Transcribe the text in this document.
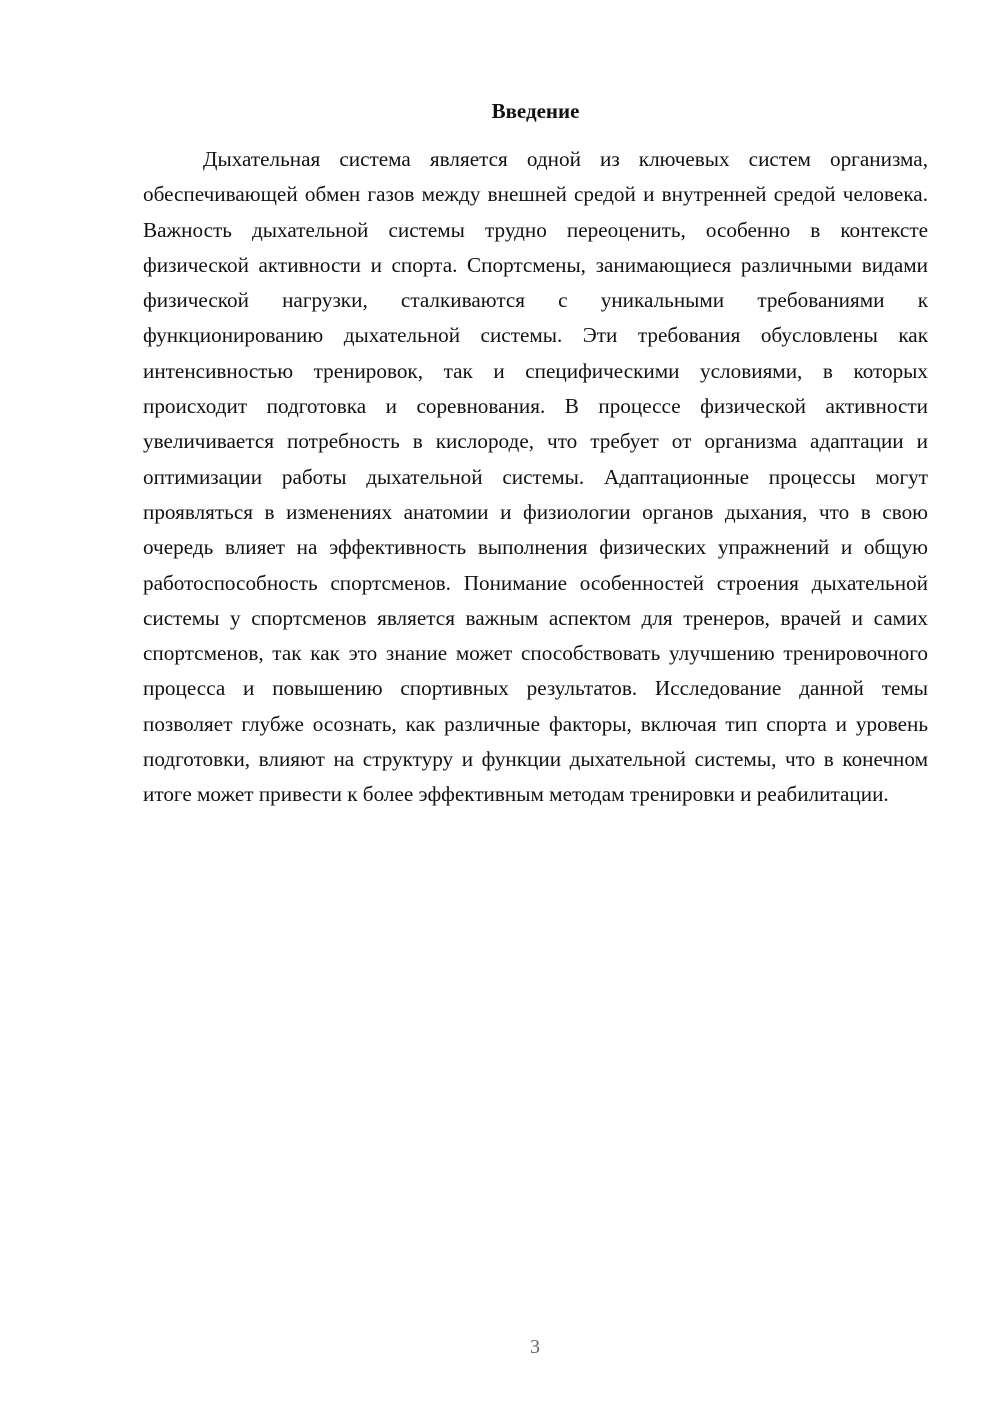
Введение

Дыхательная система является одной из ключевых систем организма, обеспечивающей обмен газов между внешней средой и внутренней средой человека. Важность дыхательной системы трудно переоценить, особенно в контексте физической активности и спорта. Спортсмены, занимающиеся различными видами физической нагрузки, сталкиваются с уникальными требованиями к функционированию дыхательной системы. Эти требования обусловлены как интенсивностью тренировок, так и специфическими условиями, в которых происходит подготовка и соревнования. В процессе физической активности увеличивается потребность в кислороде, что требует от организма адаптации и оптимизации работы дыхательной системы. Адаптационные процессы могут проявляться в изменениях анатомии и физиологии органов дыхания, что в свою очередь влияет на эффективность выполнения физических упражнений и общую работоспособность спортсменов. Понимание особенностей строения дыхательной системы у спортсменов является важным аспектом для тренеров, врачей и самих спортсменов, так как это знание может способствовать улучшению тренировочного процесса и повышению спортивных результатов. Исследование данной темы позволяет глубже осознать, как различные факторы, включая тип спорта и уровень подготовки, влияют на структуру и функции дыхательной системы, что в конечном итоге может привести к более эффективным методам тренировки и реабилитации.

3
